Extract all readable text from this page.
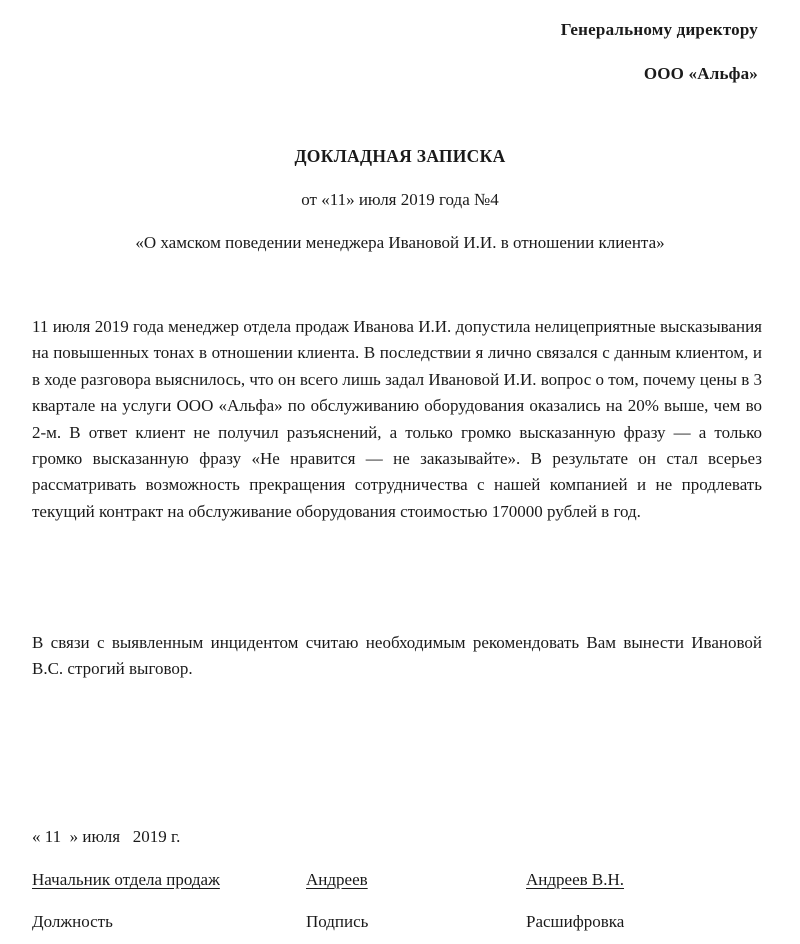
Генеральному директору
ООО «Альфа»
ДОКЛАДНАЯ ЗАПИСКА
от «11» июля 2019 года №4
«О хамском поведении менеджера Ивановой И.И. в отношении клиента»
11 июля 2019 года менеджер отдела продаж Иванова И.И. допустила нелицеприятные высказывания на повышенных тонах в отношении клиента. В последствии я лично связался с данным клиентом, и в ходе разговора выяснилось, что он всего лишь задал Ивановой И.И. вопрос о том, почему цены в 3 квартале на услуги ООО «Альфа» по обслуживанию оборудования оказались на 20% выше, чем во 2-м. В ответ клиент не получил разъяснений, а только громко высказанную фразу — а только громко высказанную фразу «Не нравится — не заказывайте». В результате он стал всерьез рассматривать возможность прекращения сотрудничества с нашей компанией и не продлевать текущий контракт на обслуживание оборудования стоимостью 170000 рублей в год.
В связи с выявленным инцидентом считаю необходимым рекомендовать Вам вынести Ивановой В.С. строгий выговор.
« 11  » июля   2019 г.
Начальник отдела продаж	Андреев	Андреев В.Н.
Должность	Подпись	Расшифровка
